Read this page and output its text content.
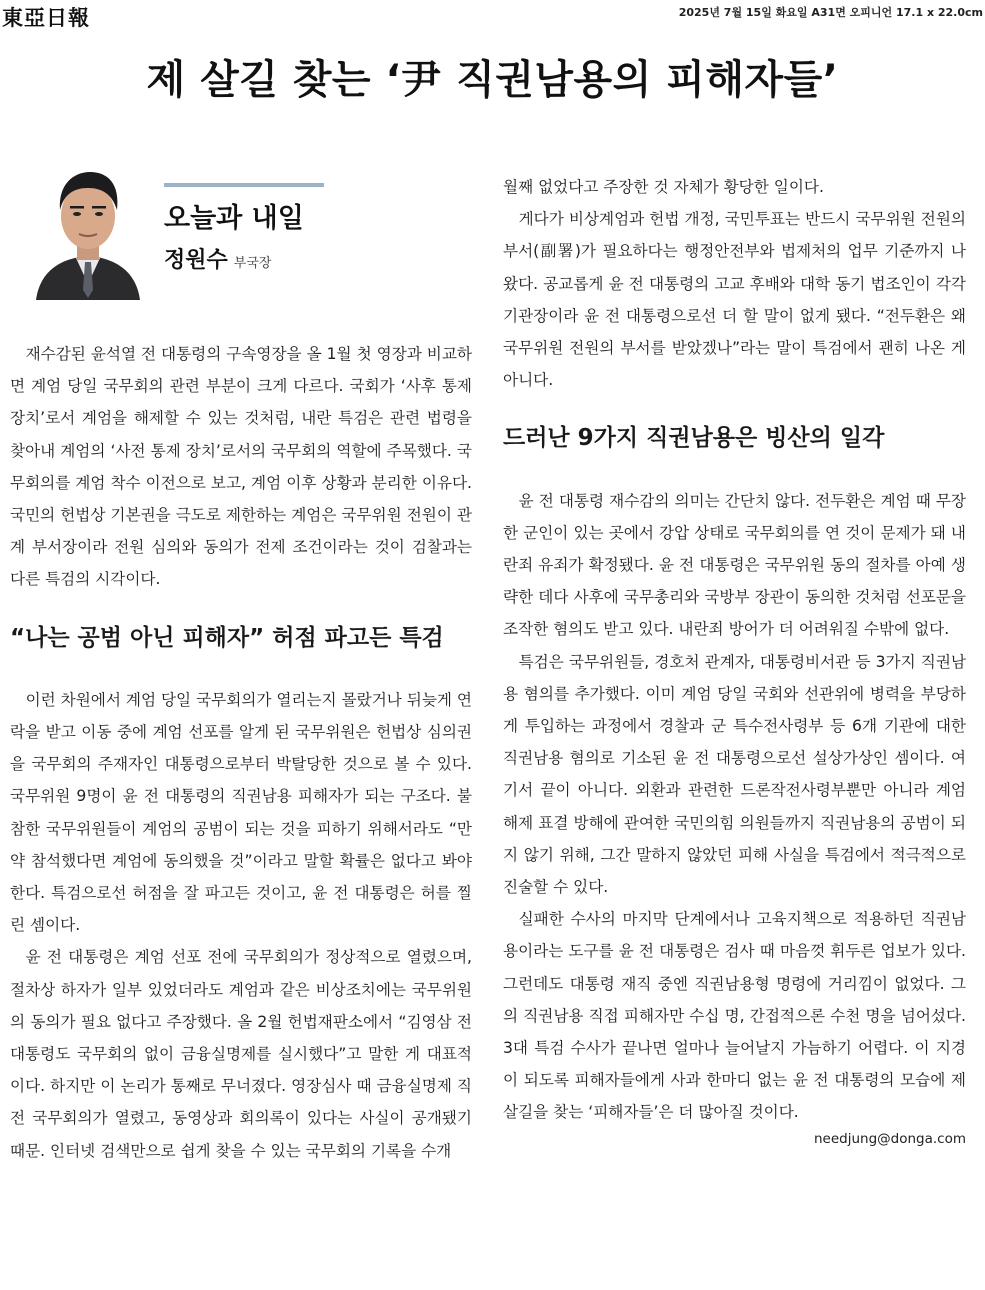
東亞日報	2025년 7월 15일 화요일 A31면 오피니언 17.1 x 22.0cm
제 살길 찾는 ‘尹 직권남용의 피해자들’
오늘과 내일
정원수 부국장

재수감된 윤석열 전 대통령의 구속영장을 올 1월 첫 영장과 비교하면 계엄 당일 국무회의 관련 부분이 크게 다르다. 국회가 ‘사후 통제 장치’로서 계엄을 해제할 수 있는 것처럼, 내란 특검은 관련 법령을 찾아내 계엄의 ‘사전 통제 장치’로서의 국무회의 역할에 주목했다. 국무회의를 계엄 착수 이전으로 보고, 계엄 이후 상황과 분리한 이유다. 국민의 헌법상 기본권을 극도로 제한하는 계엄은 국무위원 전원이 관계 부서장이라 전원 심의와 동의가 전제 조건이라는 것이 검찰과는 다른 특검의 시각이다.

“나는 공범 아닌 피해자” 허점 파고든 특검

이런 차원에서 계엄 당일 국무회의가 열리는지 몰랐거나 뒤늦게 연락을 받고 이동 중에 계엄 선포를 알게 된 국무위원은 헌법상 심의권을 국무회의 주재자인 대통령으로부터 박탈당한 것으로 볼 수 있다. 국무위원 9명이 윤 전 대통령의 직권남용 피해자가 되는 구조다. 불참한 국무위원들이 계엄의 공범이 되는 것을 피하기 위해서라도 “만약 참석했다면 계엄에 동의했을 것”이라고 말할 확률은 없다고 봐야 한다. 특검으로선 허점을 잘 파고든 것이고, 윤 전 대통령은 허를 찔린 셈이다.

윤 전 대통령은 계엄 선포 전에 국무회의가 정상적으로 열렸으며, 절차상 하자가 일부 있었더라도 계엄과 같은 비상조치에는 국무위원의 동의가 필요 없다고 주장했다. 올 2월 헌법재판소에서 “김영삼 전 대통령도 국무회의 없이 금융실명제를 실시했다”고 말한 게 대표적이다. 하지만 이 논리가 통째로 무너졌다. 영장심사 때 금융실명제 직전 국무회의가 열렸고, 동영상과 회의록이 있다는 사실이 공개됐기 때문. 인터넷 검색만으로 쉽게 찾을 수 있는 국무회의 기록을 수개

월째 없었다고 주장한 것 자체가 황당한 일이다.

게다가 비상계엄과 헌법 개정, 국민투표는 반드시 국무위원 전원의 부서(副署)가 필요하다는 행정안전부와 법제처의 업무 기준까지 나왔다. 공교롭게 윤 전 대통령의 고교 후배와 대학 동기 법조인이 각각 기관장이라 윤 전 대통령으로선 더 할 말이 없게 됐다. “전두환은 왜 국무위원 전원의 부서를 받았겠나”라는 말이 특검에서 괜히 나온 게 아니다.

드러난 9가지 직권남용은 빙산의 일각

윤 전 대통령 재수감의 의미는 간단치 않다. 전두환은 계엄 때 무장한 군인이 있는 곳에서 강압 상태로 국무회의를 연 것이 문제가 돼 내란죄 유죄가 확정됐다. 윤 전 대통령은 국무위원 동의 절차를 아예 생략한 데다 사후에 국무총리와 국방부 장관이 동의한 것처럼 선포문을 조작한 혐의도 받고 있다. 내란죄 방어가 더 어려워질 수밖에 없다.

특검은 국무위원들, 경호처 관계자, 대통령비서관 등 3가지 직권남용 혐의를 추가했다. 이미 계엄 당일 국회와 선관위에 병력을 부당하게 투입하는 과정에서 경찰과 군 특수전사령부 등 6개 기관에 대한 직권남용 혐의로 기소된 윤 전 대통령으로선 설상가상인 셈이다. 여기서 끝이 아니다. 외환과 관련한 드론작전사령부뿐만 아니라 계엄 해제 표결 방해에 관여한 국민의힘 의원들까지 직권남용의 공범이 되지 않기 위해, 그간 말하지 않았던 피해 사실을 특검에서 적극적으로 진술할 수 있다.

실패한 수사의 마지막 단계에서나 고육지책으로 적용하던 직권남용이라는 도구를 윤 전 대통령은 검사 때 마음껏 휘두른 업보가 있다. 그런데도 대통령 재직 중엔 직권남용형 명령에 거리낌이 없었다. 그의 직권남용 직접 피해자만 수십 명, 간접적으론 수천 명을 넘어섰다. 3대 특검 수사가 끝나면 얼마나 늘어날지 가늠하기 어렵다. 이 지경이 되도록 피해자들에게 사과 한마디 없는 윤 전 대통령의 모습에 제 살길을 찾는 ‘피해자들’은 더 많아질 것이다.

needjung@donga.com
